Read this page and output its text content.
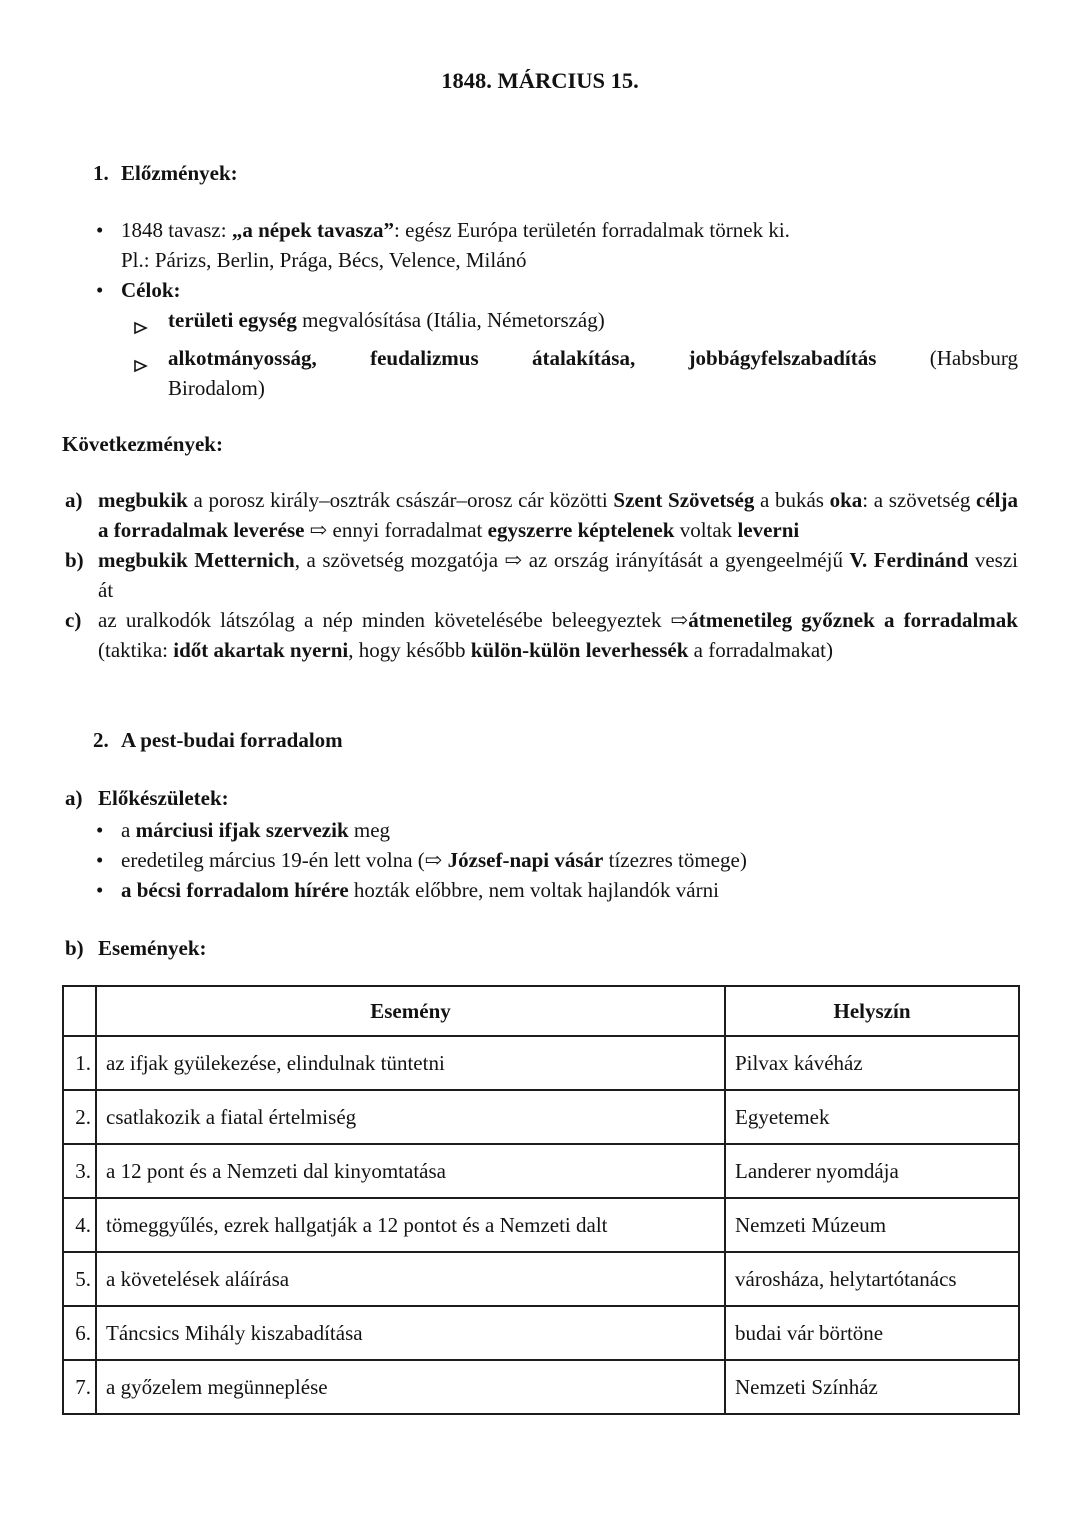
1848. MÁRCIUS 15.
1. Előzmények:
• 1848 tavasz: „a népek tavasza”: egész Európa területén forradalmak törnek ki.
Pl.: Párizs, Berlin, Prága, Bécs, Velence, Milánó
• Célok:
területi egység megvalósítása (Itália, Németország)
alkotmányosság, feudalizmus átalakítása, jobbágyfelszabadítás (Habsburg
Birodalom)
Következmények:
a) megbukik a porosz király–osztrák császár–orosz cár közötti Szent Szövetség a bukás oka: a szövetség célja a forradalmak leverése ⇨ ennyi forradalmat egyszerre képtelenek voltak leverni
b) megbukik Metternich, a szövetség mozgatója ⇨ az ország irányítását a gyengeelméjű V. Ferdinánd veszi át
c) az uralkodók látszólag a nép minden követelésébe beleegyeztek ⇨átmenetileg győznek a forradalmak (taktika: időt akartak nyerni, hogy később külön-külön leverhessék a forradalmakat)
2. A pest-budai forradalom
a) Előkészületek:
• a márciusi ifjak szervezik meg
• eredetileg március 19-én lett volna (⇨ József-napi vásár tízezres tömege)
• a bécsi forradalom hírére hozták előbbre, nem voltak hajlandók várni
b) Események:
	Esemény	Helyszín
1.	az ifjak gyülekezése, elindulnak tüntetni	Pilvax kávéház
2.	csatlakozik a fiatal értelmiség	Egyetemek
3.	a 12 pont és a Nemzeti dal kinyomtatása	Landerer nyomdája
4.	tömeggyűlés, ezrek hallgatják a 12 pontot és a Nemzeti dalt	Nemzeti Múzeum
5.	a követelések aláírása	városháza, helytartótanács
6.	Táncsics Mihály kiszabadítása	budai vár börtöne
7.	a győzelem megünneplése	Nemzeti Színház
